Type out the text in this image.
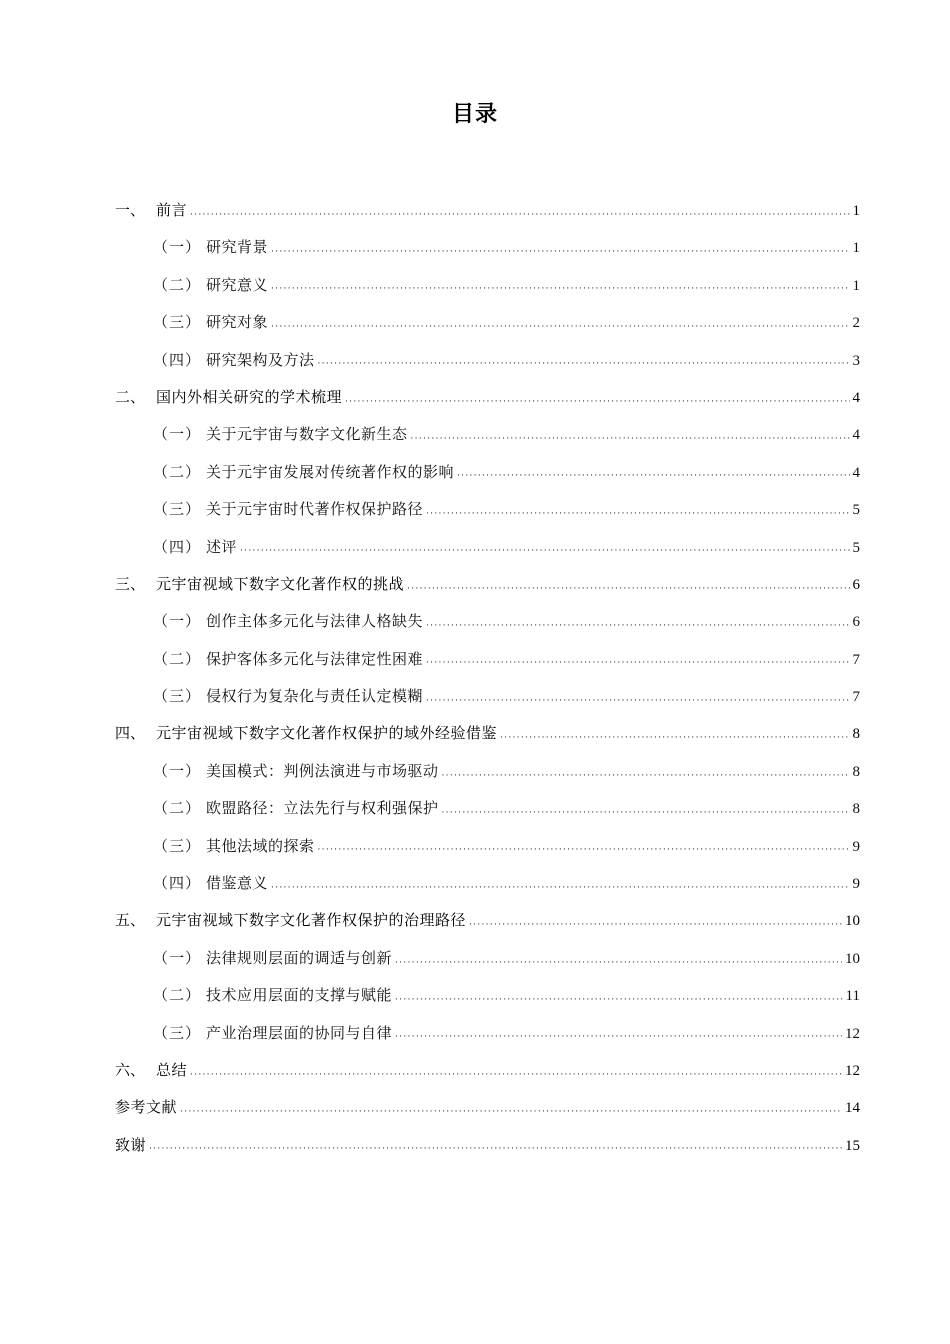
目录
一、 前言 ·····	1
（一） 研究背景 ·····	1
（二） 研究意义 ·····	1
（三） 研究对象 ·····	2
（四） 研究架构及方法 ·····	3
二、 国内外相关研究的学术梳理 ·····	4
（一） 关于元宇宙与数字文化新生态 ·····	4
（二） 关于元宇宙发展对传统著作权的影响 ·····	4
（三） 关于元宇宙时代著作权保护路径 ·····	5
（四） 述评 ·····	5
三、 元宇宙视域下数字文化著作权的挑战 ·····	6
（一） 创作主体多元化与法律人格缺失 ·····	6
（二） 保护客体多元化与法律定性困难 ·····	7
（三） 侵权行为复杂化与责任认定模糊 ·····	7
四、 元宇宙视域下数字文化著作权保护的域外经验借鉴 ·····	8
（一） 美国模式：判例法演进与市场驱动 ·····	8
（二） 欧盟路径：立法先行与权利强保护 ·····	8
（三） 其他法域的探索 ·····	9
（四） 借鉴意义 ·····	9
五、 元宇宙视域下数字文化著作权保护的治理路径 ·····	10
（一） 法律规则层面的调适与创新 ·····	10
（二） 技术应用层面的支撑与赋能 ·····	11
（三） 产业治理层面的协同与自律 ·····	12
六、 总结 ·····	12
参考文献 ·····	14
致谢 ·····	15
